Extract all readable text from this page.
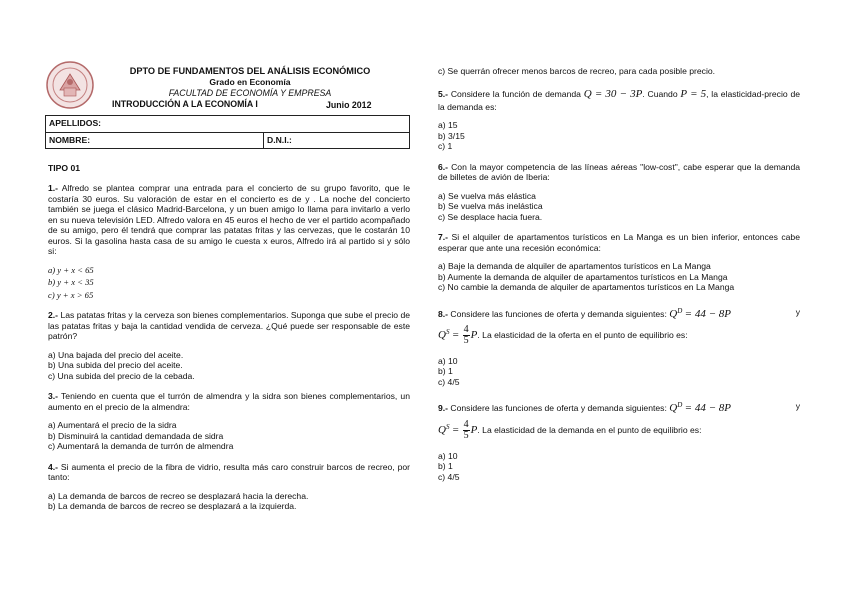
DPTO DE FUNDAMENTOS DEL ANÁLISIS ECONÓMICO
Grado en Economía
FACULTAD DE ECONOMÍA Y EMPRESA
INTRODUCCIÓN A LA ECONOMÍA I	Junio 2012
APELLIDOS:
NOMBRE:	D.N.I.:
TIPO 01

1.- Alfredo se plantea comprar una entrada para el concierto de su grupo favorito, que le costaría 30 euros. Su valoración de estar en el concierto es de y . La noche del concierto también se juega el clásico Madrid-Barcelona, y un buen amigo lo llama para invitarlo a verlo en su nueva televisión LED. Alfredo valora en 45 euros el hecho de ver el partido acompañado de su amigo, pero él tendrá que comprar las patatas fritas y las cervezas, que le costarán 10 euros. Si la gasolina hasta casa de su amigo le cuesta x euros, Alfredo irá al partido si y sólo si:

a) y + x < 65
b) y + x < 35
c) y + x > 65

2.- Las patatas fritas y la cerveza son bienes complementarios. Suponga que sube el precio de las patatas fritas y baja la cantidad vendida de cerveza. ¿Qué puede ser responsable de este patrón?

a) Una bajada del precio del aceite.
b) Una subida del precio del aceite.
c) Una subida del precio de la cebada.

3.- Teniendo en cuenta que el turrón de almendra y la sidra son bienes complementarios, un aumento en el precio de la almendra:

a) Aumentará el precio de la sidra
b) Disminuirá la cantidad demandada de sidra
c) Aumentará la demanda de turrón de almendra

4.- Si aumenta el precio de la fibra de vidrio, resulta más caro construir barcos de recreo, por tanto:

a) La demanda de barcos de recreo se desplazará hacia la derecha.
b) La demanda de barcos de recreo se desplazará a la izquierda.
c) Se querrán ofrecer menos barcos de recreo, para cada posible precio.

5.- Considere la función de demanda Q = 30 − 3P. Cuando P = 5, la elasticidad-precio de la demanda es:

a) 15
b) 3/15
c) 1

6.- Con la mayor competencia de las líneas aéreas "low-cost", cabe esperar que la demanda de billetes de avión de Iberia:

a) Se vuelva más elástica
b) Se vuelva más inelástica
c) Se desplace hacia fuera.

7.- Si el alquiler de apartamentos turísticos en La Manga es un bien inferior, entonces cabe esperar que ante una recesión económica:

a) Baje la demanda de alquiler de apartamentos turísticos en La Manga
b) Aumente la demanda de alquiler de apartamentos turísticos en La Manga
c) No cambie la demanda de alquiler de apartamentos turísticos en La Manga

8.- Considere las funciones de oferta y demanda siguientes: $Q^D = 44 - 8P$	y

$Q^S = \frac{4}{5} P$. La elasticidad de la oferta en el punto de equilibrio es:
a) 10
b) 1
c) 4/5

9.- Considere las funciones de oferta y demanda siguientes: $Q^D = 44 - 8P$	y

$Q^S = \frac{4}{5} P$. La elasticidad de la demanda en el punto de equilibrio es:
a) 10
b) 1
c) 4/5
